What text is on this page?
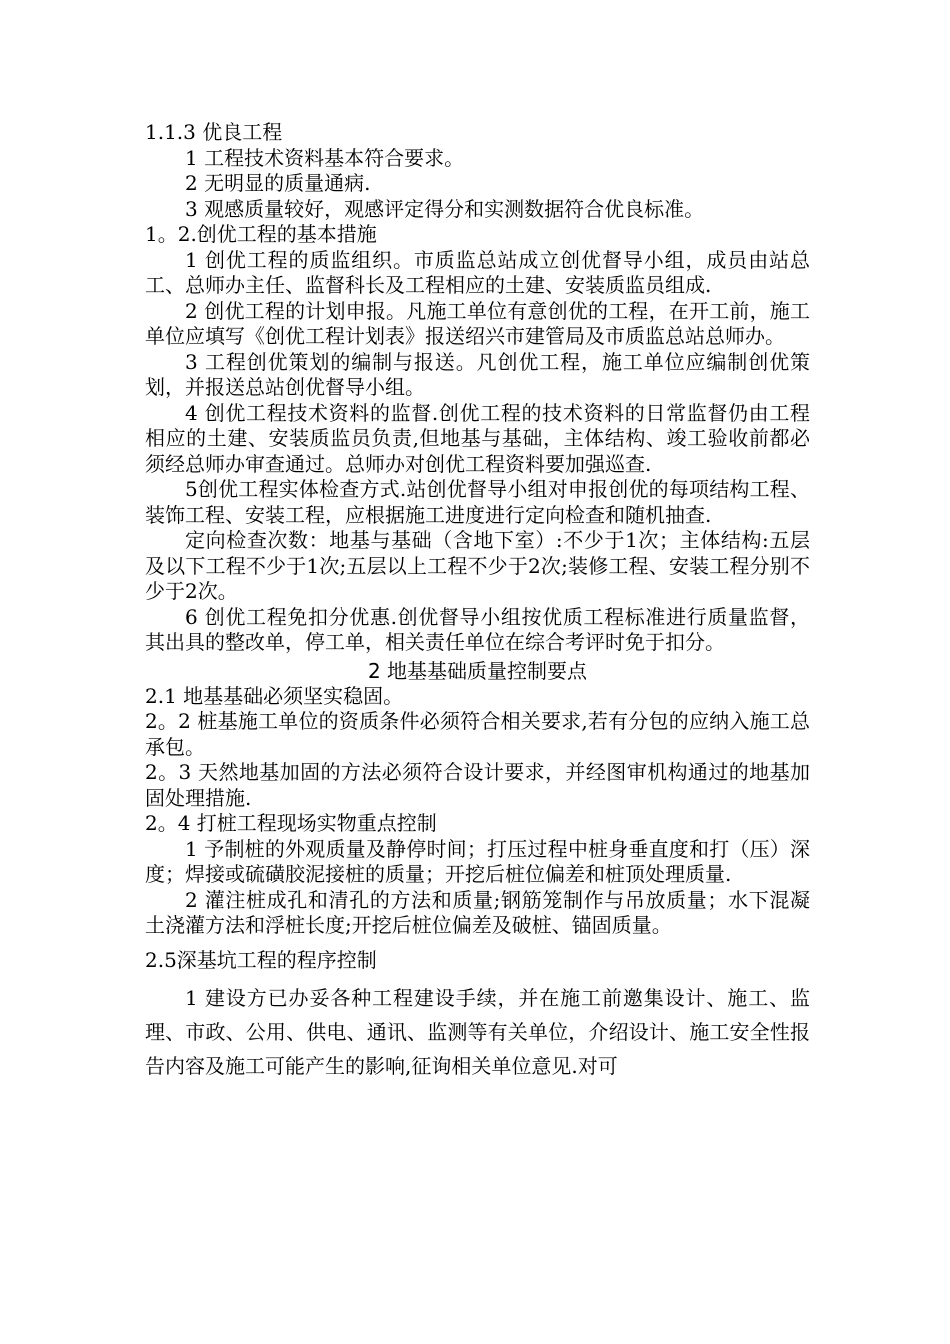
1.1.3 优良工程

1 工程技术资料基本符合要求。

2 无明显的质量通病.

3 观感质量较好，观感评定得分和实测数据符合优良标准。

1。2.创优工程的基本措施

1 创优工程的质监组织。市质监总站成立创优督导小组，成员由站总工、总师办主任、监督科长及工程相应的土建、安装质监员组成.

2 创优工程的计划申报。凡施工单位有意创优的工程，在开工前，施工单位应填写《创优工程计划表》报送绍兴市建管局及市质监总站总师办。

3 工程创优策划的编制与报送。凡创优工程，施工单位应编制创优策划，并报送总站创优督导小组。

4 创优工程技术资料的监督.创优工程的技术资料的日常监督仍由工程相应的土建、安装质监员负责,但地基与基础，主体结构、竣工验收前都必须经总师办审查通过。总师办对创优工程资料要加强巡查.

5创优工程实体检查方式.站创优督导小组对申报创优的每项结构工程、装饰工程、安装工程，应根据施工进度进行定向检查和随机抽查.

定向检查次数：地基与基础（含地下室）:不少于1次；主体结构:五层及以下工程不少于1次;五层以上工程不少于2次;装修工程、安装工程分别不少于2次。

6 创优工程免扣分优惠.创优督导小组按优质工程标准进行质量监督，其出具的整改单，停工单，相关责任单位在综合考评时免于扣分。

2 地基基础质量控制要点

2.1 地基基础必须坚实稳固。

2。2 桩基施工单位的资质条件必须符合相关要求,若有分包的应纳入施工总承包。

2。3 天然地基加固的方法必须符合设计要求，并经图审机构通过的地基加固处理措施.

2。4 打桩工程现场实物重点控制

1 予制桩的外观质量及静停时间；打压过程中桩身垂直度和打（压）深度；焊接或硫磺胶泥接桩的质量；开挖后桩位偏差和桩顶处理质量.

2 灌注桩成孔和清孔的方法和质量;钢筋笼制作与吊放质量；水下混凝土浇灌方法和浮桩长度;开挖后桩位偏差及破桩、锚固质量。

2.5深基坑工程的程序控制

1 建设方已办妥各种工程建设手续，并在施工前邀集设计、施工、监理、市政、公用、供电、通讯、监测等有关单位，介绍设计、施工安全性报告内容及施工可能产生的影响,征询相关单位意见.对可
